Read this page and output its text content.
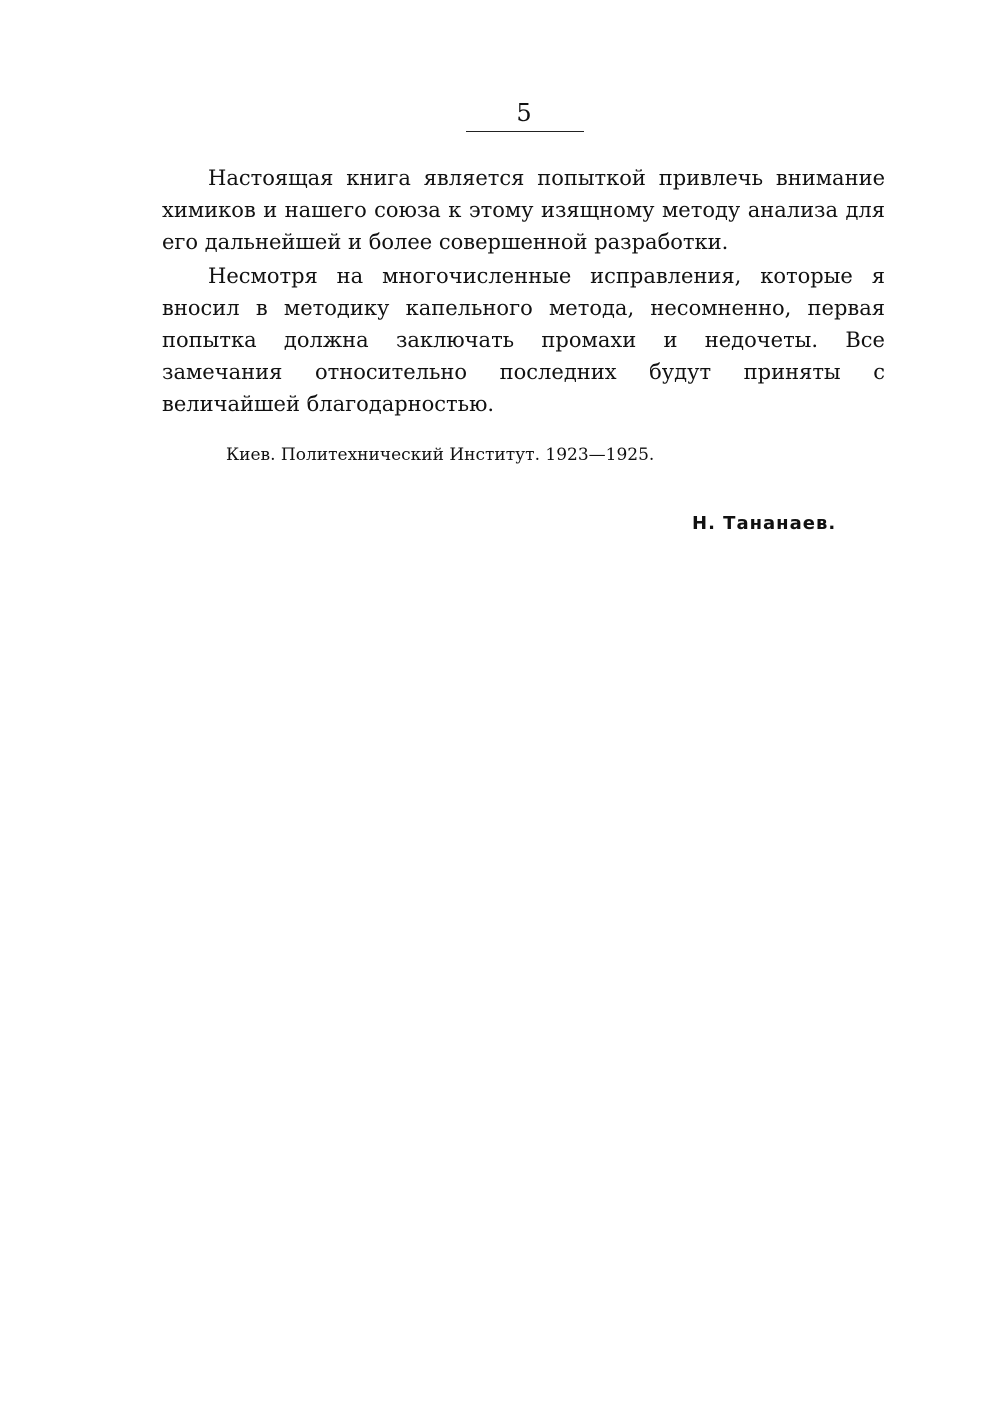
5

Настоящая книга является попыткой привлечь внимание химиков и нашего союза к этому изящному методу анализа для его дальнейшей и более совершенной разработки.

Несмотря на многочисленные исправления, которые я вносил в методику капельного метода, несомненно, первая попытка должна заключать промахи и недочеты. Все замечания относительно последних будут приняты с величайшей благодарностью.

Киев. Политехнический Институт. 1923—1925.
Н. Тананаев.
